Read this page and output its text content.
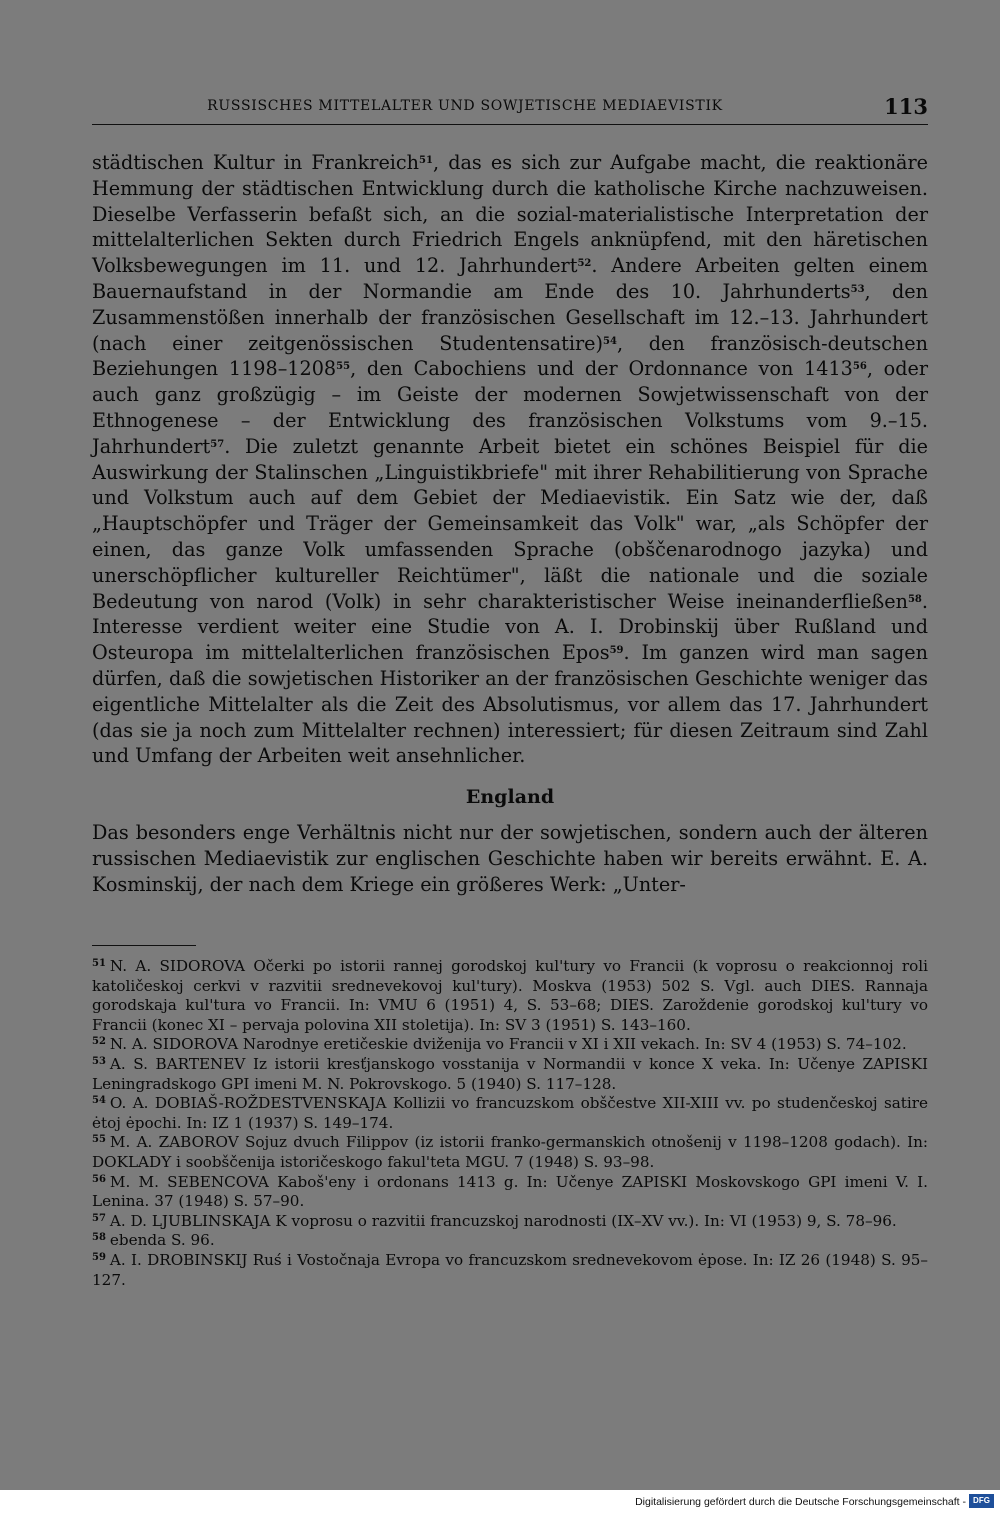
RUSSISCHES MITTELALTER UND SOWJETISCHE MEDIAEVISTIK	113

städtischen Kultur in Frankreich$^{51}$, das es sich zur Aufgabe macht, die reaktionäre Hemmung der städtischen Entwicklung durch die katholische Kirche nachzuweisen. Dieselbe Verfasserin befaßt sich, an die sozial-materialistische Interpretation der mittelalterlichen Sekten durch Friedrich Engels anknüpfend, mit den häretischen Volksbewegungen im 11. und 12. Jahrhundert$^{52}$. Andere Arbeiten gelten einem Bauernaufstand in der Normandie am Ende des 10. Jahrhunderts$^{53}$, den Zusammenstößen innerhalb der französischen Gesellschaft im 12.–13. Jahrhundert (nach einer zeitgenössischen Studentensatire)$^{54}$, den französisch-deutschen Beziehungen 1198–1208$^{55}$, den Cabochiens und der Ordonnance von 1413$^{56}$, oder auch ganz großzügig – im Geiste der modernen Sowjetwissenschaft von der Ethnogenese – der Entwicklung des französischen Volkstums vom 9.–15. Jahrhundert$^{57}$. Die zuletzt genannte Arbeit bietet ein schönes Beispiel für die Auswirkung der Stalinschen „Linguistikbriefe" mit ihrer Rehabilitierung von Sprache und Volkstum auch auf dem Gebiet der Mediaevistik. Ein Satz wie der, daß „Hauptschöpfer und Träger der Gemeinsamkeit das Volk" war, „als Schöpfer der einen, das ganze Volk umfassenden Sprache (obščenarodnogo jazyka) und unerschöpflicher kultureller Reichtümer", läßt die nationale und die soziale Bedeutung von narod (Volk) in sehr charakteristischer Weise ineinanderfließen$^{58}$. Interesse verdient weiter eine Studie von A. I. Drobinskij über Rußland und Osteuropa im mittelalterlichen französischen Epos$^{59}$. Im ganzen wird man sagen dürfen, daß die sowjetischen Historiker an der französischen Geschichte weniger das eigentliche Mittelalter als die Zeit des Absolutismus, vor allem das 17. Jahrhundert (das sie ja noch zum Mittelalter rechnen) interessiert; für diesen Zeitraum sind Zahl und Umfang der Arbeiten weit ansehnlicher.

England

Das besonders enge Verhältnis nicht nur der sowjetischen, sondern auch der älteren russischen Mediaevistik zur englischen Geschichte haben wir bereits erwähnt. E. A. Kosminskij, der nach dem Kriege ein größeres Werk: „Unter-

$^{51}$ N. A. SIDOROVA Očerki po istorii rannej gorodskoj kul'tury vo Francii (k voprosu o reakcionnoj roli katoličeskoj cerkvi v razvitii srednevekovoj kul'tury). Moskva (1953) 502 S. Vgl. auch DIES. Rannaja gorodskaja kul'tura vo Francii. In: VMU 6 (1951) 4, S. 53–68; DIES. Zaroždenie gorodskoj kul'tury vo Francii (konec XI – pervaja polovina XII stoletija). In: SV 3 (1951) S. 143–160.

$^{52}$ N. A. SIDOROVA Narodnye eretičeskie dviženija vo Francii v XI i XII vekach. In: SV 4 (1953) S. 74–102.

$^{53}$ A. S. BARTENEV Iz istorii kresťjanskogo vosstanija v Normandii v konce X veka. In: Učenye ZAPISKI Leningradskogo GPI imeni M. N. Pokrovskogo. 5 (1940) S. 117–128.

$^{54}$ O. A. DOBIAŠ-ROŽDESTVENSKAJA Kollizii vo francuzskom obščestve XII-XIII vv. po studenčeskoj satire ėtoj ėpochi. In: IZ 1 (1937) S. 149–174.

$^{55}$ M. A. ZABOROV Sojuz dvuch Filippov (iz istorii franko-germanskich otnošenij v 1198–1208 godach). In: DOKLADY i soobščenija istoričeskogo fakul'teta MGU. 7 (1948) S. 93–98.

$^{56}$ M. M. SEBENCOVA Kaboš'eny i ordonans 1413 g. In: Učenye ZAPISKI Moskovskogo GPI imeni V. I. Lenina. 37 (1948) S. 57–90.

$^{57}$ A. D. LJUBLINSKAJA K voprosu o razvitii francuzskoj narodnosti (IX–XV vv.). In: VI (1953) 9, S. 78–96.

$^{58}$ ebenda S. 96.

$^{59}$ A. I. DROBINSKIJ Ruś i Vostočnaja Evropa vo francuzskom srednevekovom ėpose. In: IZ 26 (1948) S. 95–127.

Digitalisierung gefördert durch die Deutsche Forschungsgemeinschaft - DFG
